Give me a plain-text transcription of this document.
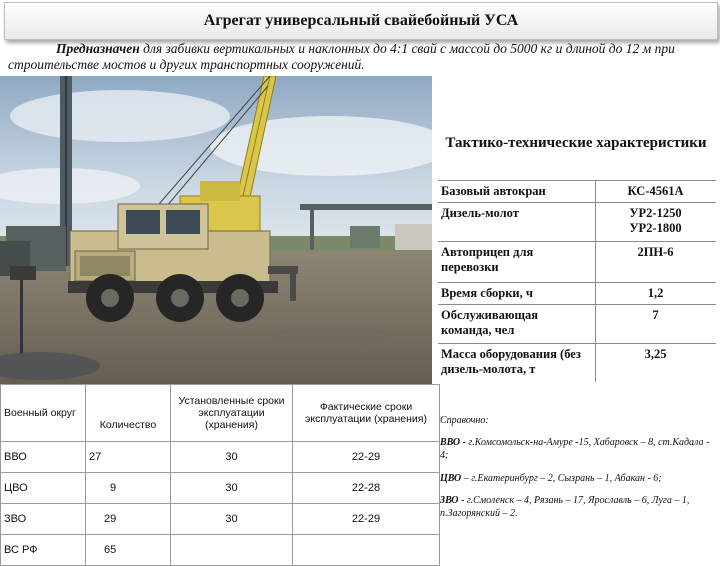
Агрегат универсальный свайебойный УСА
Предназначен для забивки вертикальных и наклонных до 4:1 свай с массой до 5000 кг и длиной до 12 м при строительстве мостов и других транспортных сооружений.
Тактико-технические характеристики
Базовый автокран	КС-4561А
Дизель-молот	УР2-1250
УР2-1800
Автоприцеп для перевозки	2ПН-6
Время сборки, ч	1,2
Обслуживающая команда, чел	7
Масса оборудования (без дизель-молота, т	3,25
Справочно:
ВВО - г.Комсомольск-на-Амуре -15, Хабаровск – 8, ст.Кадала - 4;
ЦВО – г.Екатеринбург – 2, Сызрань – 1, Абакан - 6;
ЗВО - г.Смоленск – 4, Рязань – 17, Ярославль – 6, Луга – 1, п.Загорянский – 2.
Военный округ	Количество	Установленные сроки эксплуатации (хранения)	Фактические сроки эксплуатации (хранения)
ВВО	27	30	22-29
ЦВО	9	30	22-28
ЗВО	29	30	22-29
ВС РФ	65		
